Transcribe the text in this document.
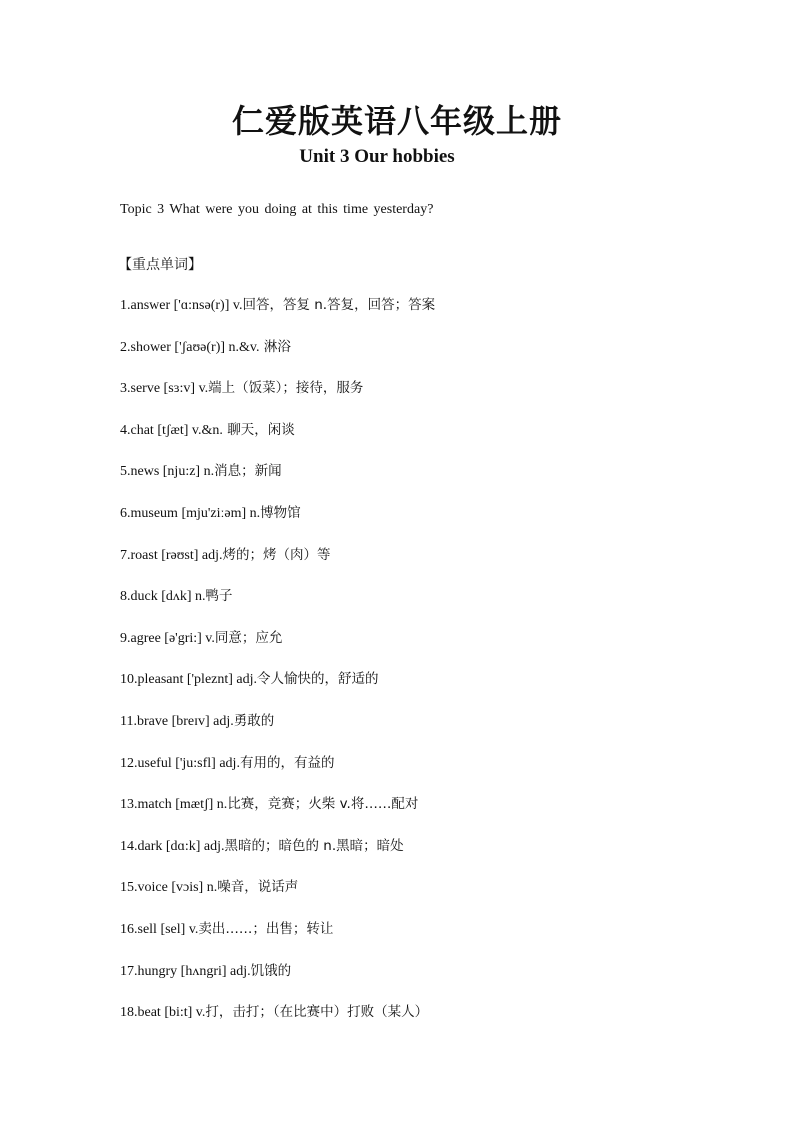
仁爱版英语八年级上册
Unit 3 Our hobbies
Topic 3 What were you doing at this time yesterday?
【重点单词】
1.answer ['ɑ:nsə(r)] v.回答，答复 n.答复，回答；答案
2.shower ['ʃaʊə(r)] n.&v. 淋浴
3.serve [sɜ:v] v.端上（饭菜）；接待，服务
4.chat [tʃæt] v.&n. 聊天，闲谈
5.news [nju:z] n.消息；新闻
6.museum [mju'ziːəm] n.博物馆
7.roast [rəʊst] adj.烤的；烤（肉）等
8.duck [dʌk] n.鸭子
9.agree [ə'gri:] v.同意；应允
10.pleasant ['pleznt] adj.令人愉快的，舒适的
11.brave [breɪv] adj.勇敢的
12.useful ['ju:sfl] adj.有用的，有益的
13.match [mætʃ] n.比赛，竞赛；火柴 v.将……配对
14.dark [dɑ:k] adj.黑暗的；暗色的 n.黑暗；暗处
15.voice [vɔis] n.噪音，说话声
16.sell [sel] v.卖出……；出售；转让
17.hungry [hʌngri] adj.饥饿的
18.beat [bi:t] v.打，击打；（在比赛中）打败（某人）
